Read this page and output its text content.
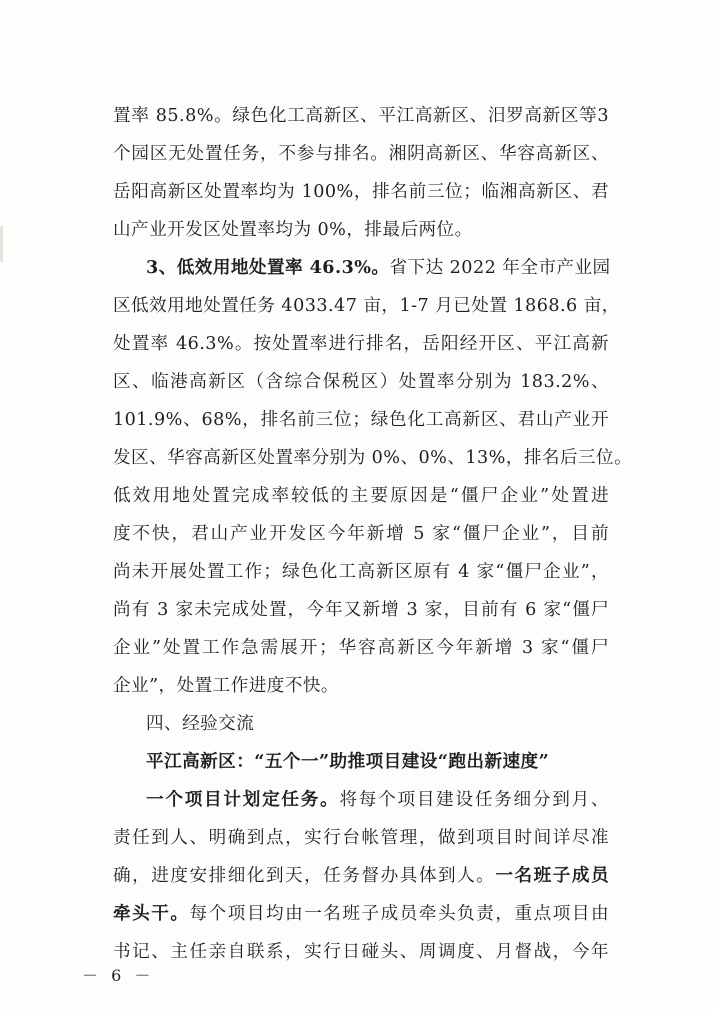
置率 85.8%。绿色化工高新区、平江高新区、汨罗高新区等3
个园区无处置任务，不参与排名。湘阴高新区、华容高新区、
岳阳高新区处置率均为 100%，排名前三位；临湘高新区、君
山产业开发区处置率均为 0%，排最后两位。
3、低效用地处置率 46.3%。省下达 2022 年全市产业园
区低效用地处置任务 4033.47 亩，1-7 月已处置 1868.6 亩，
处置率 46.3%。按处置率进行排名，岳阳经开区、平江高新
区、临港高新区（含综合保税区）处置率分别为 183.2%、
101.9%、68%，排名前三位；绿色化工高新区、君山产业开
发区、华容高新区处置率分别为 0%、0%、13%，排名后三位。
低效用地处置完成率较低的主要原因是“僵尸企业”处置进
度不快，君山产业开发区今年新增 5 家“僵尸企业”，目前
尚未开展处置工作；绿色化工高新区原有 4 家“僵尸企业”，
尚有 3 家未完成处置，今年又新增 3 家，目前有 6 家“僵尸
企业”处置工作急需展开；华容高新区今年新增 3 家“僵尸
企业”，处置工作进度不快。
四、经验交流
平江高新区：“五个一”助推项目建设“跑出新速度”
一个项目计划定任务。将每个项目建设任务细分到月、
责任到人、明确到点，实行台帐管理，做到项目时间详尽准
确，进度安排细化到天，任务督办具体到人。一名班子成员
牵头干。每个项目均由一名班子成员牵头负责，重点项目由
书记、主任亲自联系，实行日碰头、周调度、月督战，今年
－ 6 －
